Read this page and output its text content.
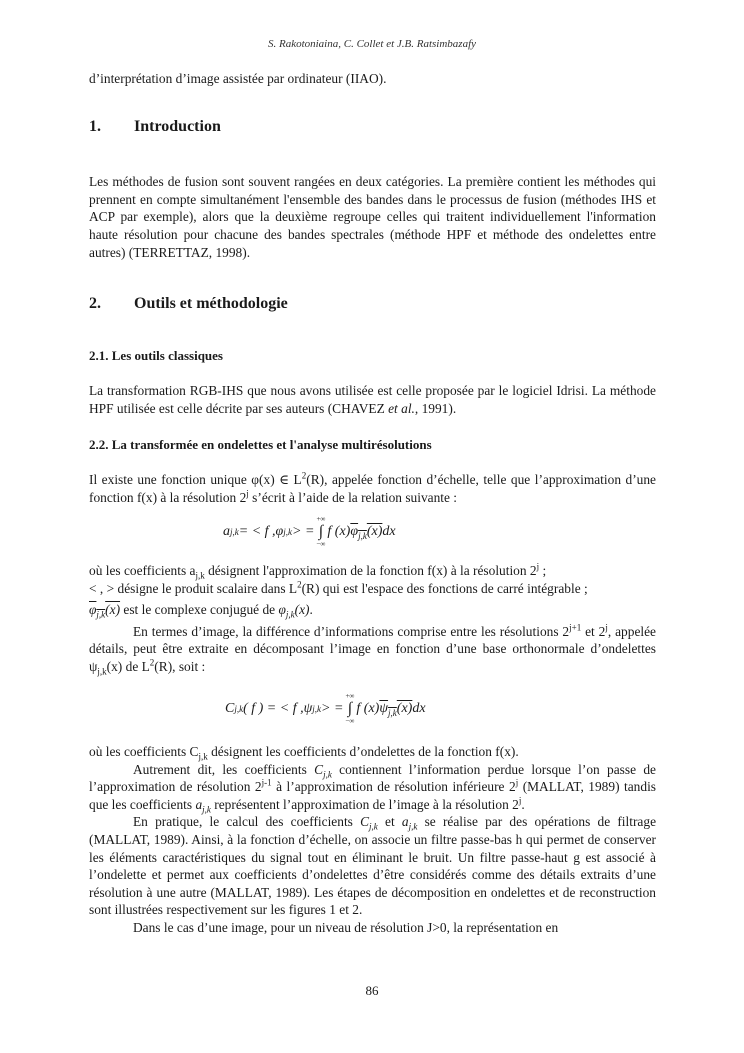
S. Rakotoniaina, C. Collet et J.B. Ratsimbazafy

d’interprétation d’image assistée par ordinateur (IIAO).

1.	Introduction

Les méthodes de fusion sont souvent rangées en deux catégories. La première contient les méthodes qui prennent en compte simultanément l'ensemble des bandes dans le processus de fusion (méthodes IHS et ACP par exemple), alors que la deuxième regroupe celles qui traitent individuellement l'information haute résolution pour chacune des bandes spectrales (méthode HPF et méthode des ondelettes entre autres) (TERRETTAZ, 1998).

2.	Outils et méthodologie
2.1. Les outils classiques

La transformation RGB-IHS que nous avons utilisée est celle proposée par le logiciel Idrisi. La méthode HPF utilisée est celle décrite par ses auteurs (CHAVEZ et al., 1991).

2.2. La transformée en ondelettes et l'analyse multirésolutions

Il existe une fonction unique φ(x) ∈ $L^2(R)$, appelée fonction d’échelle, telle que l’approximation d’une fonction f(x) à la résolution 2$^j$ s’écrit à l’aide de la relation suivante :

a j,k = < f ,φ j,k > =
+∞
∫
−∞
f (x) $\varphi_{j,k}(x)$ dx

où les coefficients $a_{j,k}$ désignent l'approximation de la fonction f(x) à la résolution 2$^j$ ;

< , > désigne le produit scalaire dans $L^2(R)$ qui est l'espace des fonctions de carré intégrable ;

$\varphi_{j,k}(x)$ est le complexe conjugué de $\varphi_{j,k}(x)$.

En termes d’image, la différence d’informations comprise entre les résolutions $2^{j+1}$ et 2$^j$, appelée détails, peut être extraite en décomposant l’image en fonction d’une base orthonormale d’ondelettes $\psi_{j,k}(x)$ de $L^2(R)$, soit :

C j,k ( f ) = < f ,ψ j,k > =
+∞
∫
−∞
f (x) $\psi_{j,k}(x)$ dx

où les coefficients $C_{j,k}$ désignent les coefficients d’ondelettes de la fonction f(x).

Autrement dit, les coefficients $C_{j,k}$ contiennent l’information perdue lorsque l’on passe de l’approximation de résolution 2$^{j-1}$ à l’approximation de résolution inférieure 2$^j$ (MALLAT, 1989) tandis que les coefficients $a_{j,k}$ représentent l’approximation de l’image à la résolution 2$^j$.

En pratique, le calcul des coefficients $C_{j,k}$ et $a_{j,k}$ se réalise par des opérations de filtrage (MALLAT, 1989). Ainsi, à la fonction d’échelle, on associe un filtre passe-bas h qui permet de conserver les éléments caractéristiques du signal tout en éliminant le bruit. Un filtre passe-haut g est associé à l’ondelette et permet aux coefficients d’ondelettes d’être considérés comme des détails extraits d’une résolution à une autre (MALLAT, 1989). Les étapes de décomposition en ondelettes et de reconstruction sont illustrées respectivement sur les figures 1 et 2.

Dans le cas d’une image, pour un niveau de résolution J>0, la représentation en

86
